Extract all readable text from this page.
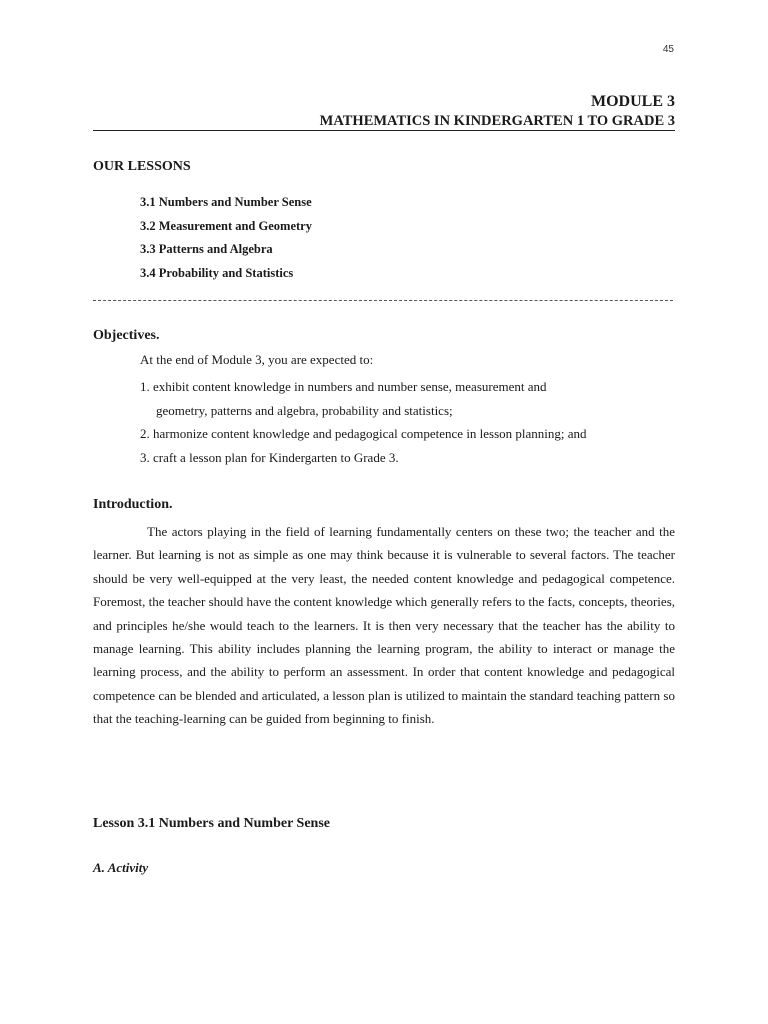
45
MODULE 3
MATHEMATICS IN KINDERGARTEN 1 TO GRADE 3
OUR LESSONS
3.1 Numbers and Number Sense
3.2 Measurement and Geometry
3.3 Patterns and Algebra
3.4 Probability and Statistics
Objectives.
At the end of Module 3, you are expected to:
1. exhibit content knowledge in numbers and number sense, measurement and
geometry, patterns and algebra, probability and statistics;
2. harmonize content knowledge and pedagogical competence in lesson planning; and
3. craft a lesson plan for Kindergarten to Grade 3.
Introduction.

The actors playing in the field of learning fundamentally centers on these two; the teacher and the learner. But learning is not as simple as one may think because it is vulnerable to several factors. The teacher should be very well-equipped at the very least, the needed content knowledge and pedagogical competence. Foremost, the teacher should have the content knowledge which generally refers to the facts, concepts, theories, and principles he/she would teach to the learners. It is then very necessary that the teacher has the ability to manage learning. This ability includes planning the learning program, the ability to interact or manage the learning process, and the ability to perform an assessment. In order that content knowledge and pedagogical competence can be blended and articulated, a lesson plan is utilized to maintain the standard teaching pattern so that the teaching-learning can be guided from beginning to finish.

Lesson 3.1 Numbers and Number Sense
A. Activity
